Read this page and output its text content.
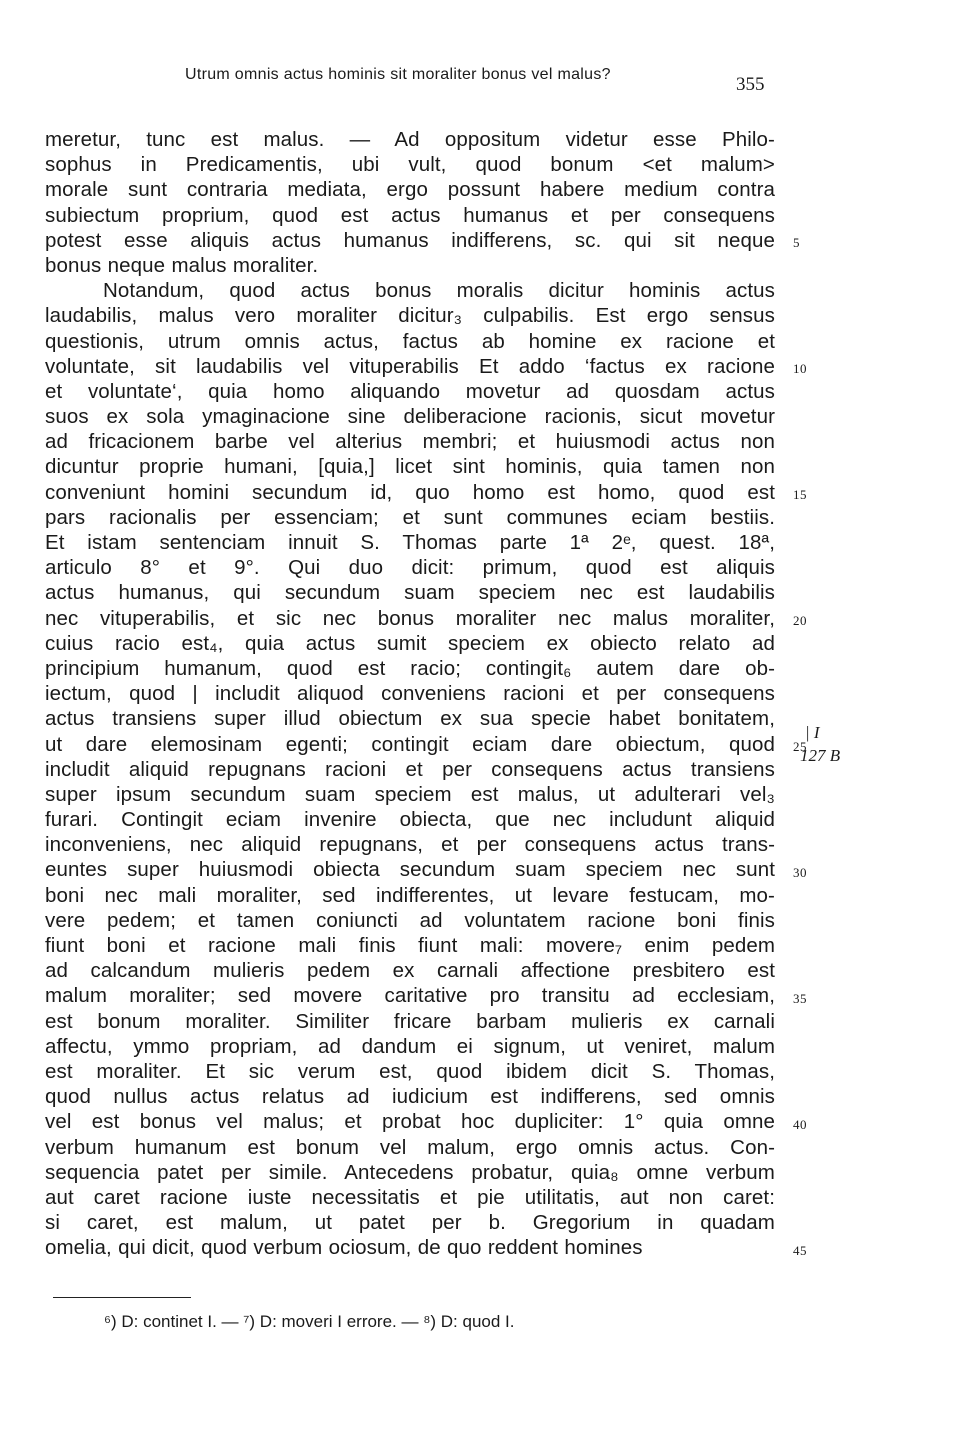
Utrum omnis actus hominis sit moraliter bonus vel malus?	355
meretur, tunc est malus. — Ad oppositum videtur esse Philo-
sophus in Predicamentis, ubi vult, quod bonum <et malum>
morale sunt contraria mediata, ergo possunt habere medium contra
subiectum proprium, quod est actus humanus et per consequens
potest esse aliquis actus humanus indifferens, sc. qui sit neque
bonus neque malus moraliter.
Notandum, quod actus bonus moralis dicitur hominis actus
laudabilis, malus vero moraliter dicitur₃ culpabilis. Est ergo sensus
questionis, utrum omnis actus, factus ab homine ex racione et
voluntate, sit laudabilis vel vituperabilis Et addo ‘factus ex racione
et voluntate‘, quia homo aliquando movetur ad quosdam actus
suos ex sola ymaginacione sine deliberacione racionis, sicut movetur
ad fricacionem barbe vel alterius membri; et huiusmodi actus non
dicuntur proprie humani, [quia,] licet sint hominis, quia tamen non
conveniunt homini secundum id, quo homo est homo, quod est
pars racionalis per essenciam; et sunt communes eciam bestiis.
Et istam sentenciam innuit S. Thomas parte 1ª 2ᵉ, quest. 18ª,
articulo 8° et 9°. Qui duo dicit: primum, quod est aliquis
actus humanus, qui secundum suam speciem nec est laudabilis
nec vituperabilis, et sic nec bonus moraliter nec malus moraliter,
cuius racio est₄, quia actus sumit speciem ex obiecto relato ad
principium humanum, quod est racio; contingit₆ autem dare ob-
iectum, quod | includit aliquod conveniens racioni et per consequens
actus transiens super illud obiectum ex sua specie habet bonitatem,
ut dare elemosinam egenti; contingit eciam dare obiectum, quod
includit aliquid repugnans racioni et per consequens actus transiens
super ipsum secundum suam speciem est malus, ut adulterari vel₃
furari. Contingit eciam invenire obiecta, que nec includunt aliquid
inconveniens, nec aliquid repugnans, et per consequens actus trans-
euntes super huiusmodi obiecta secundum suam speciem nec sunt
boni nec mali moraliter, sed indifferentes, ut levare festucam, mo-
vere pedem; et tamen coniuncti ad voluntatem racione boni finis
fiunt boni et racione mali finis fiunt mali: movere₇ enim pedem
ad calcandum mulieris pedem ex carnali affectione presbitero est
malum moraliter; sed movere caritative pro transitu ad ecclesiam,
est bonum moraliter. Similiter fricare barbam mulieris ex carnali
affectu, ymmo propriam, ad dandum ei signum, ut veniret, malum
est moraliter. Et sic verum est, quod ibidem dicit S. Thomas,
quod nullus actus relatus ad iudicium est indifferens, sed omnis
vel est bonus vel malus; et probat hoc dupliciter: 1° quia omne
verbum humanum est bonum vel malum, ergo omnis actus. Con-
sequencia patet per simile. Antecedens probatur, quia₈ omne verbum
aut caret racione iuste necessitatis et pie utilitatis, aut non caret:
si caret, est malum, ut patet per b. Gregorium in quadam
omelia, qui dicit, quod verbum ociosum, de quo reddent homines
5
10
15
20
25
30
35
40
45
| I
127 B
⁶) D: continet I. — ⁷) D: moveri I errore. — ⁸) D: quod I.
